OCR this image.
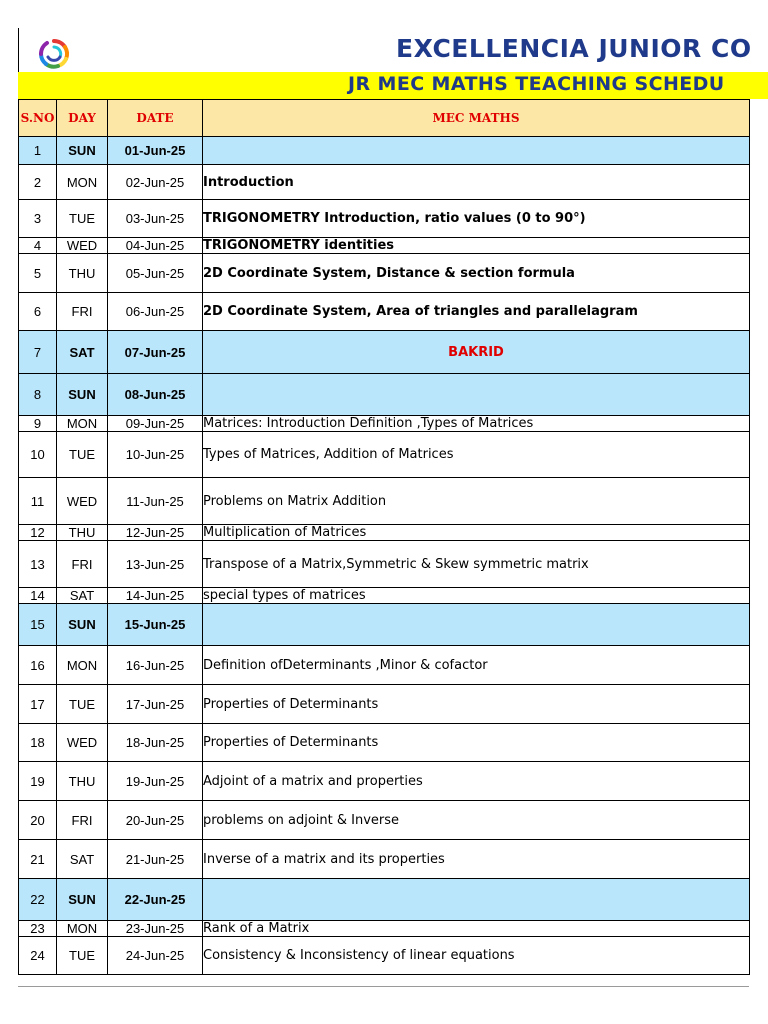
EXCELLENCIA JUNIOR CO
JR MEC MATHS TEACHING SCHEDU
S.NO	DAY	DATE	MEC MATHS
1	SUN	01-Jun-25	
2	MON	02-Jun-25	Introduction
3	TUE	03-Jun-25	TRIGONOMETRY Introduction, ratio values (0 to 90°)
4	WED	04-Jun-25	TRIGONOMETRY identities
5	THU	05-Jun-25	2D Coordinate System, Distance & section formula
6	FRI	06-Jun-25	2D Coordinate System, Area of triangles and parallelagram
7	SAT	07-Jun-25	BAKRID
8	SUN	08-Jun-25	
9	MON	09-Jun-25	Matrices: Introduction Definition ,Types of Matrices
10	TUE	10-Jun-25	Types of Matrices, Addition of Matrices
11	WED	11-Jun-25	Problems on Matrix Addition
12	THU	12-Jun-25	Multiplication of Matrices
13	FRI	13-Jun-25	Transpose of a Matrix,Symmetric & Skew symmetric matrix
14	SAT	14-Jun-25	special types of matrices
15	SUN	15-Jun-25	
16	MON	16-Jun-25	Definition ofDeterminants ,Minor & cofactor
17	TUE	17-Jun-25	Properties of Determinants
18	WED	18-Jun-25	Properties of Determinants
19	THU	19-Jun-25	Adjoint of a matrix and properties
20	FRI	20-Jun-25	problems on adjoint & Inverse
21	SAT	21-Jun-25	Inverse of a matrix and its properties
22	SUN	22-Jun-25	
23	MON	23-Jun-25	Rank of a Matrix
24	TUE	24-Jun-25	Consistency & Inconsistency of linear equations
